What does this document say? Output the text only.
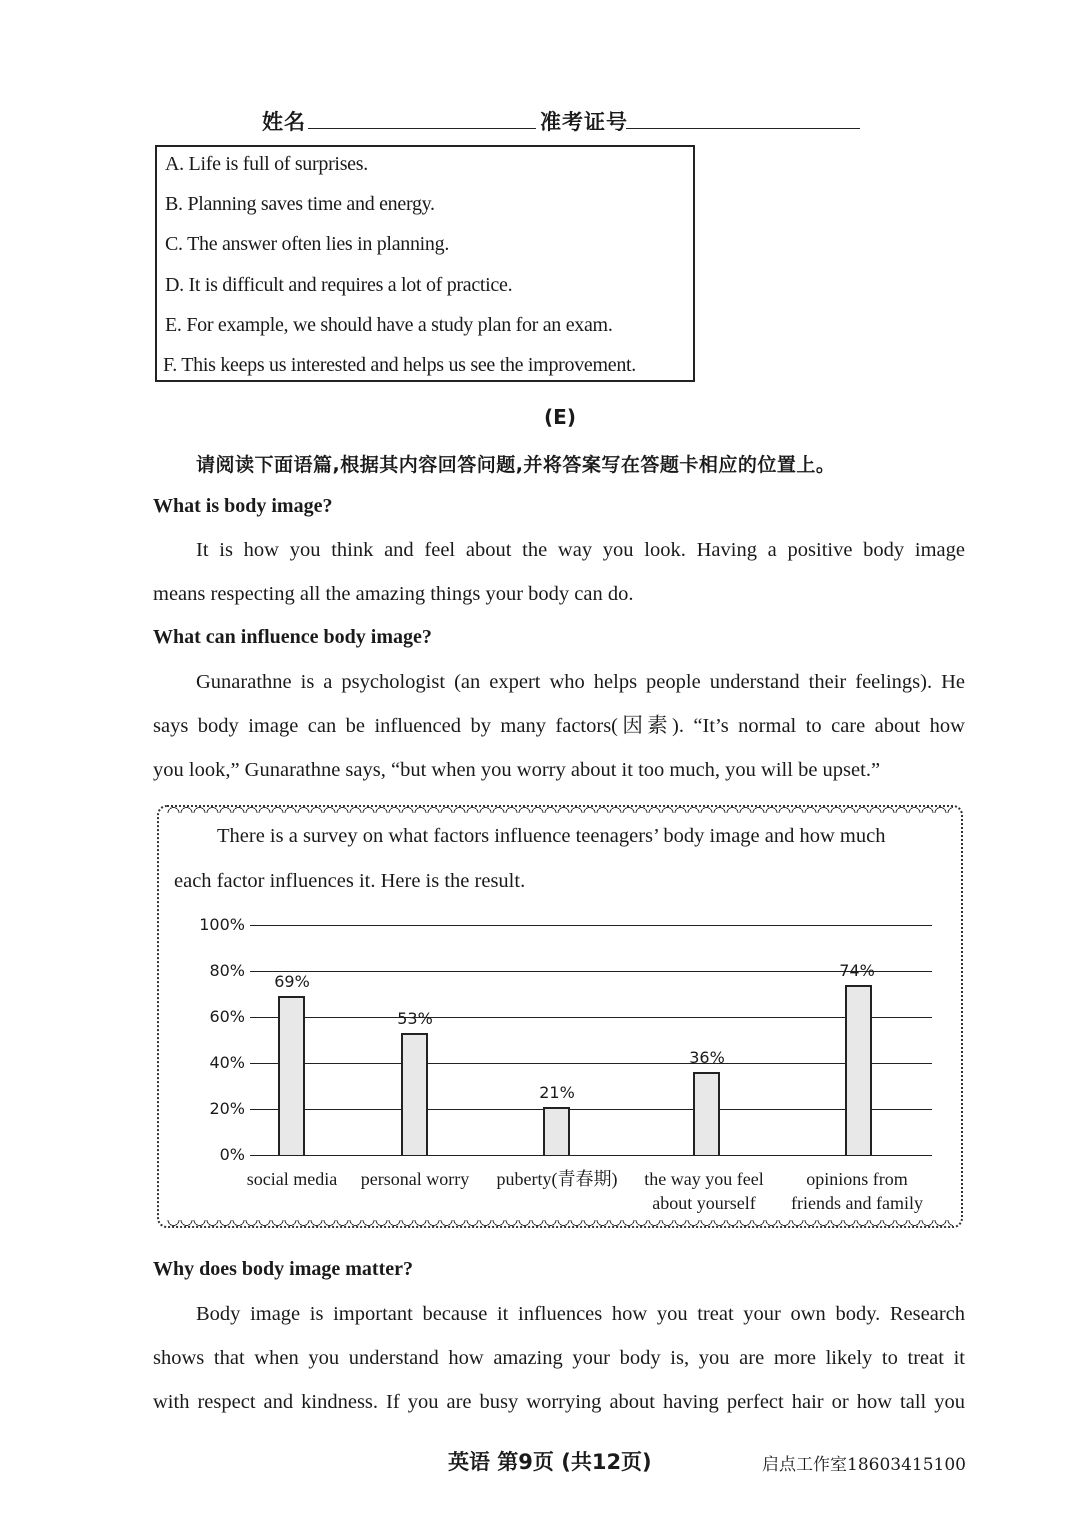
姓名	准考证号
A. Life is full of surprises.
B. Planning saves time and energy.
C. The answer often lies in planning.
D. It is difficult and requires a lot of practice.
E. For example, we should have a study plan for an exam.
F. This keeps us interested and helps us see the improvement.
(E)
请阅读下面语篇,根据其内容回答问题,并将答案写在答题卡相应的位置上。
What is body image?
It is how you think and feel about the way you look. Having a positive body image
means respecting all the amazing things your body can do.
What can influence body image?
Gunarathne is a psychologist (an expert who helps people understand their feelings). He
says body image can be influenced by many factors(因素). “It’s normal to care about how
you look,” Gunarathne says, “but when you worry about it too much, you will be upset.”
There is a survey on what factors influence teenagers’ body image and how much
each factor influences it. Here is the result.
100%
80%
60%
40%
20%
0%
69%
53%
21%
36%
74%
social media	personal worry	puberty(青春期)	the way you feel
about yourself
opinions from
friends and family
Why does body image matter?
Body image is important because it influences how you treat your own body. Research
shows that when you understand how amazing your body is, you are more likely to treat it
with respect and kindness. If you are busy worrying about having perfect hair or how tall you
英语 第9页 (共12页)	启点工作室18603415100
